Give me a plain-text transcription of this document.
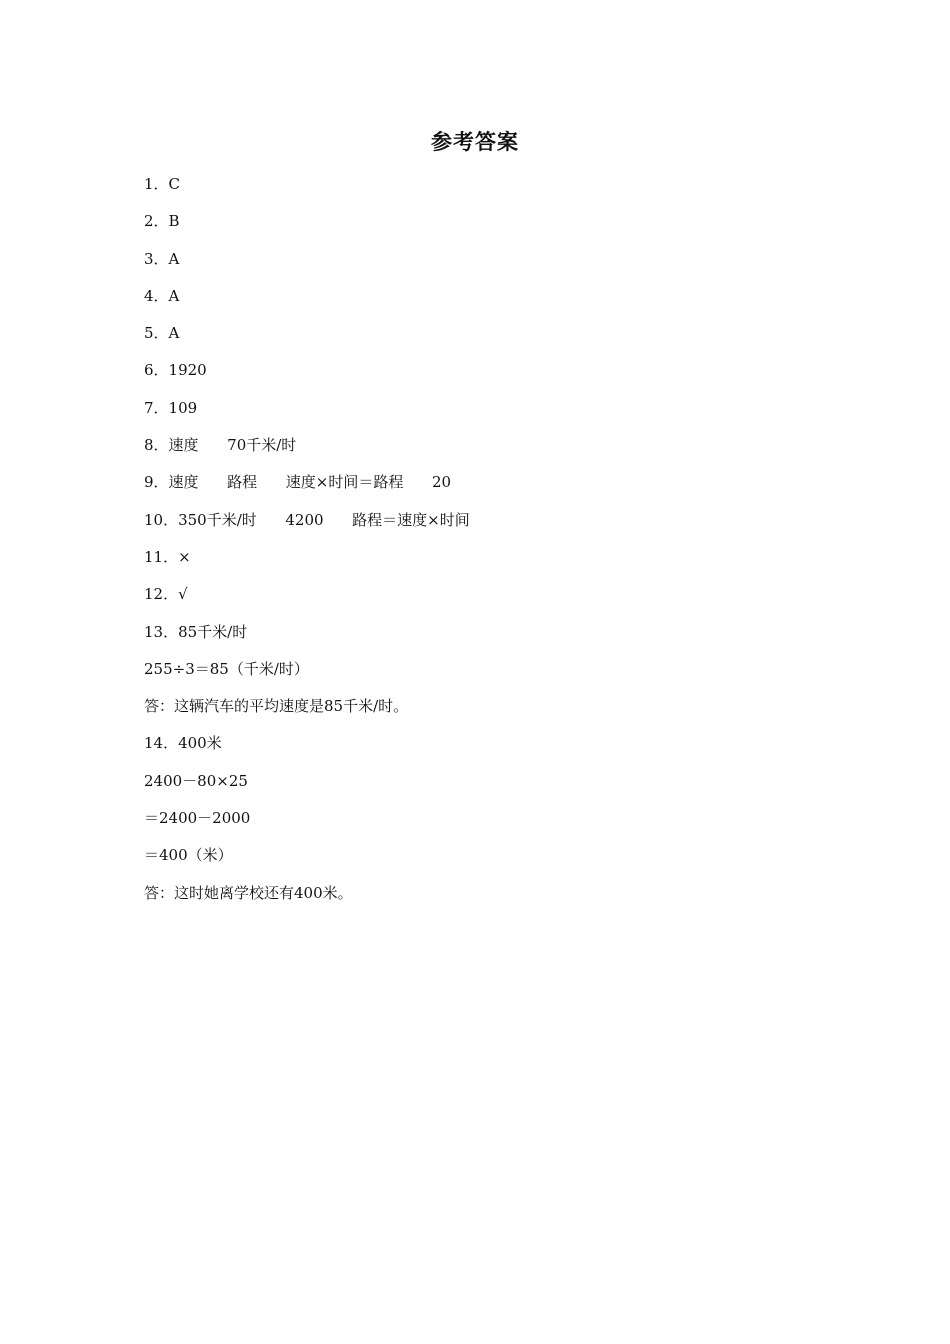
参考答案
1．C
2．B
3．A
4．A
5．A
6．1920
7．109
8．速度      70千米/时
9．速度      路程      速度×时间＝路程      20
10．350千米/时      4200      路程＝速度×时间
11．×
12．√
13．85千米/时
255÷3＝85（千米/时）
答：这辆汽车的平均速度是85千米/时。
14．400米
2400－80×25
＝2400－2000
＝400（米）
答：这时她离学校还有400米。
